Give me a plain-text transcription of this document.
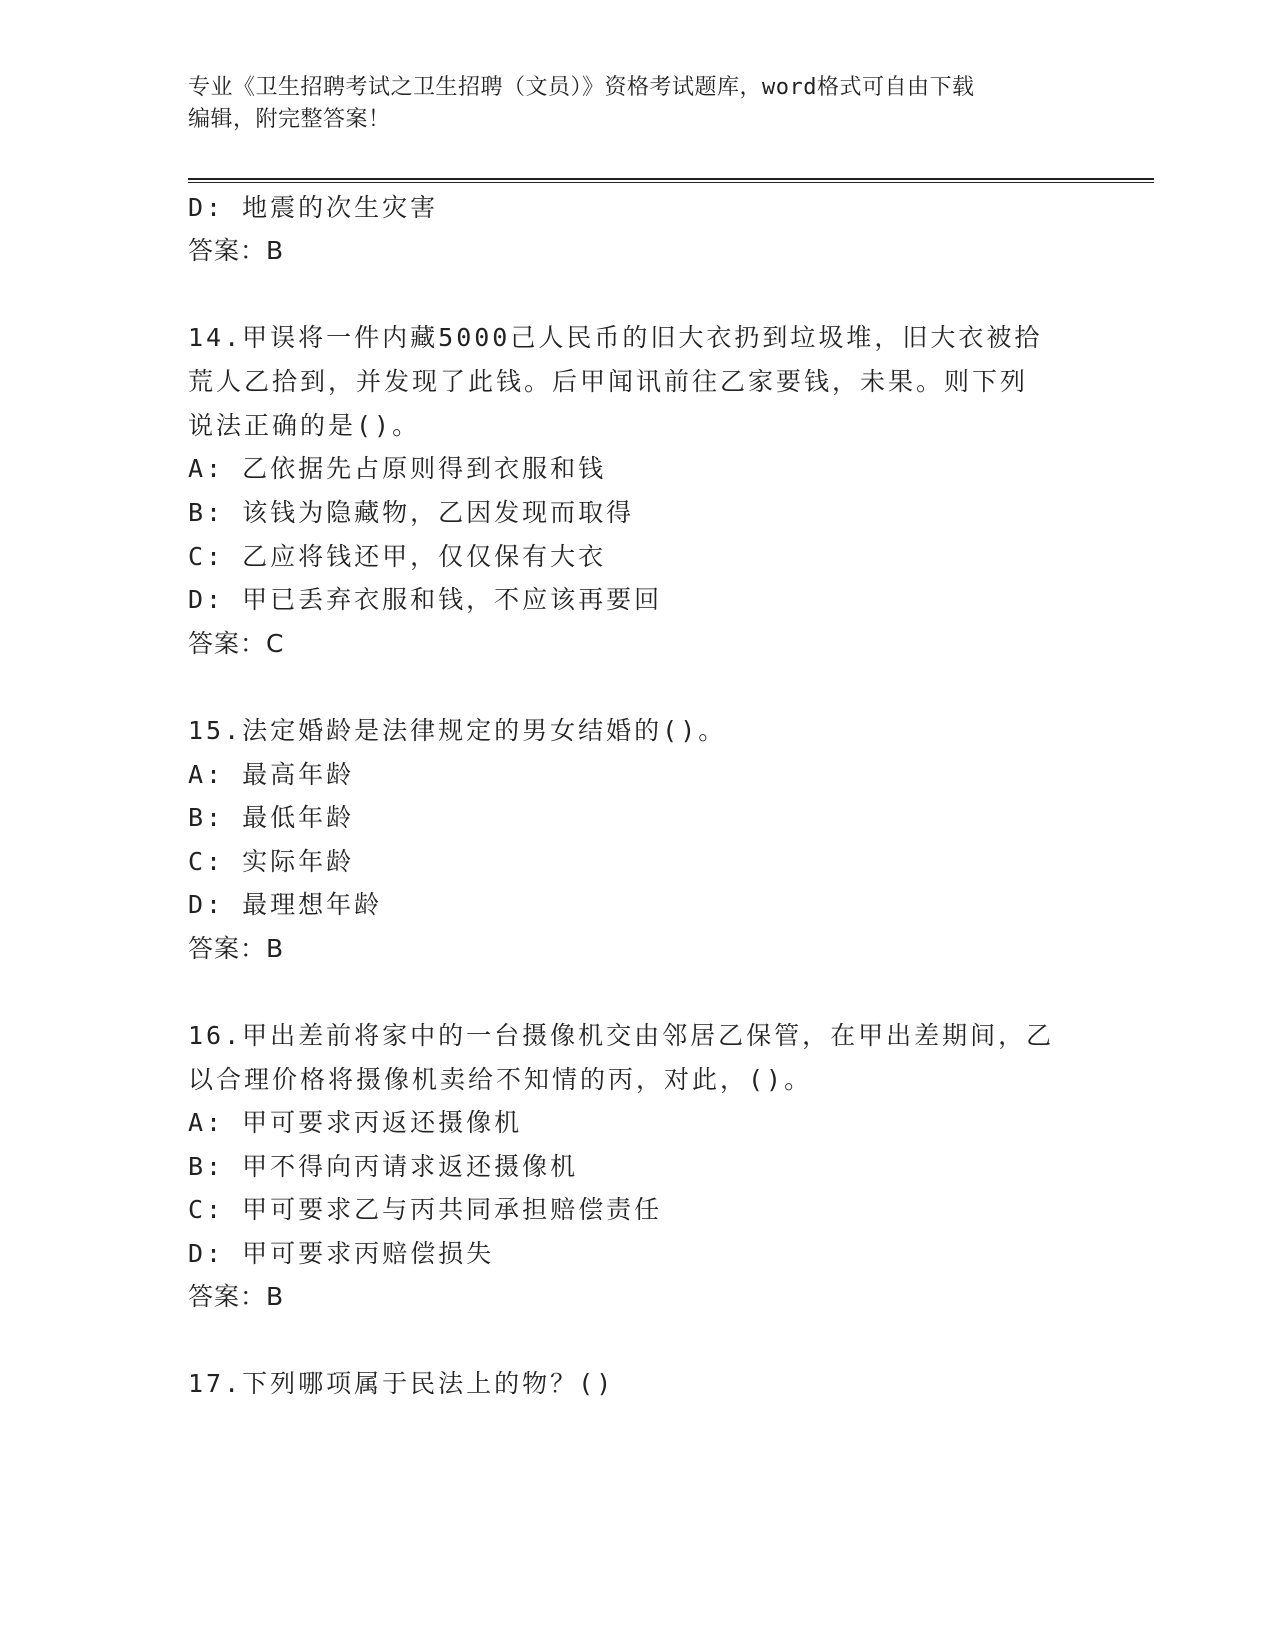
专业《卫生招聘考试之卫生招聘（文员）》资格考试题库，word格式可自由下载
编辑，附完整答案！
D: 地震的次生灾害
答案：B
14.甲误将一件内藏5000己人民币的旧大衣扔到垃圾堆，旧大衣被拾
荒人乙拾到，并发现了此钱。后甲闻讯前往乙家要钱，未果。则下列
说法正确的是()。
A: 乙依据先占原则得到衣服和钱
B: 该钱为隐藏物，乙因发现而取得
C: 乙应将钱还甲，仅仅保有大衣
D: 甲已丢弃衣服和钱，不应该再要回
答案：C
15.法定婚龄是法律规定的男女结婚的()。
A: 最高年龄
B: 最低年龄
C: 实际年龄
D: 最理想年龄
答案：B
16.甲出差前将家中的一台摄像机交由邻居乙保管，在甲出差期间，乙
以合理价格将摄像机卖给不知情的丙，对此，()。
A: 甲可要求丙返还摄像机
B: 甲不得向丙请求返还摄像机
C: 甲可要求乙与丙共同承担赔偿责任
D: 甲可要求丙赔偿损失
答案：B
17.下列哪项属于民法上的物？()
